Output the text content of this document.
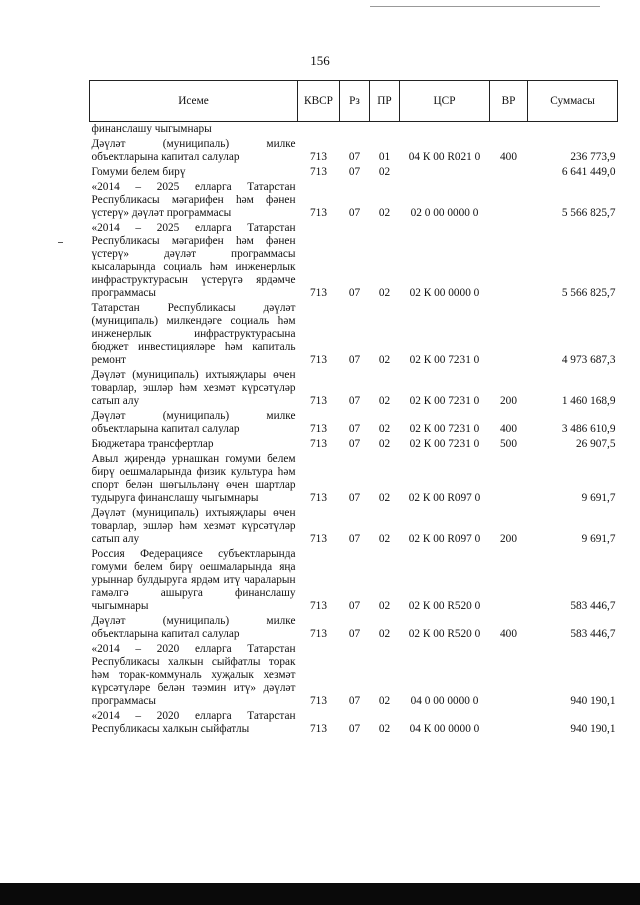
156
Исеме	КВСР	Рз	ПР	ЦСР	ВР	Суммасы
финанслашу чыгымнары						
Дәүләт (муниципаль) милке объектларына капитал салулар	713	07	01	04 К 00 R021 0	400	236 773,9
Гомуми белем бирү	713	07	02			6 641 449,0
«2014 – 2025 елларга Татарстан Республикасы мәгарифен һәм фәнен үстерү» дәүләт программасы	713	07	02	02 0 00 0000 0		5 566 825,7
«2014 – 2025 елларга Татарстан Республикасы мәгарифен һәм фәнен үстерү» дәүләт программасы кысаларында социаль һәм инженерлык инфраструктурасын үстерүгә ярдәмче программасы	713	07	02	02 К 00 0000 0		5 566 825,7
Татарстан Республикасы дәүләт (муниципаль) милкендәге социаль һәм инженерлык инфраструктурасына бюджет инвестицияләре һәм капиталь ремонт	713	07	02	02 К 00 7231 0		4 973 687,3
Дәүләт (муниципаль) ихтыяҗлары өчен товарлар, эшләр һәм хезмәт күрсәтүләр сатып алу	713	07	02	02 К 00 7231 0	200	1 460 168,9
Дәүләт (муниципаль) милке объектларына капитал салулар	713	07	02	02 К 00 7231 0	400	3 486 610,9
Бюджетара трансфертлар	713	07	02	02 К 00 7231 0	500	26 907,5
Авыл җирендә урнашкан гомуми белем бирү оешмаларында физик культура һәм спорт белән шөгыльләнү өчен шартлар тудыруга финанслашу чыгымнары	713	07	02	02 К 00 R097 0		9 691,7
Дәүләт (муниципаль) ихтыяҗлары өчен товарлар, эшләр һәм хезмәт күрсәтүләр сатып алу	713	07	02	02 К 00 R097 0	200	9 691,7
Россия Федерациясе субъектларында гомуми белем бирү оешмаларында яңа урыннар булдыруга ярдәм итү чараларын гамәлгә ашыруга финанслашу чыгымнары	713	07	02	02 К 00 R520 0		583 446,7
Дәүләт (муниципаль) милке объектларына капитал салулар	713	07	02	02 К 00 R520 0	400	583 446,7
«2014 – 2020 елларга Татарстан Республикасы халкын сыйфатлы торак һәм торак-коммуналь хуҗалык хезмәт күрсәтүләре белән тәэмин итү» дәүләт программасы	713	07	02	04 0 00 0000 0		940 190,1
«2014 – 2020 елларга Татарстан Республикасы халкын сыйфатлы	713	07	02	04 К 00 0000 0		940 190,1
